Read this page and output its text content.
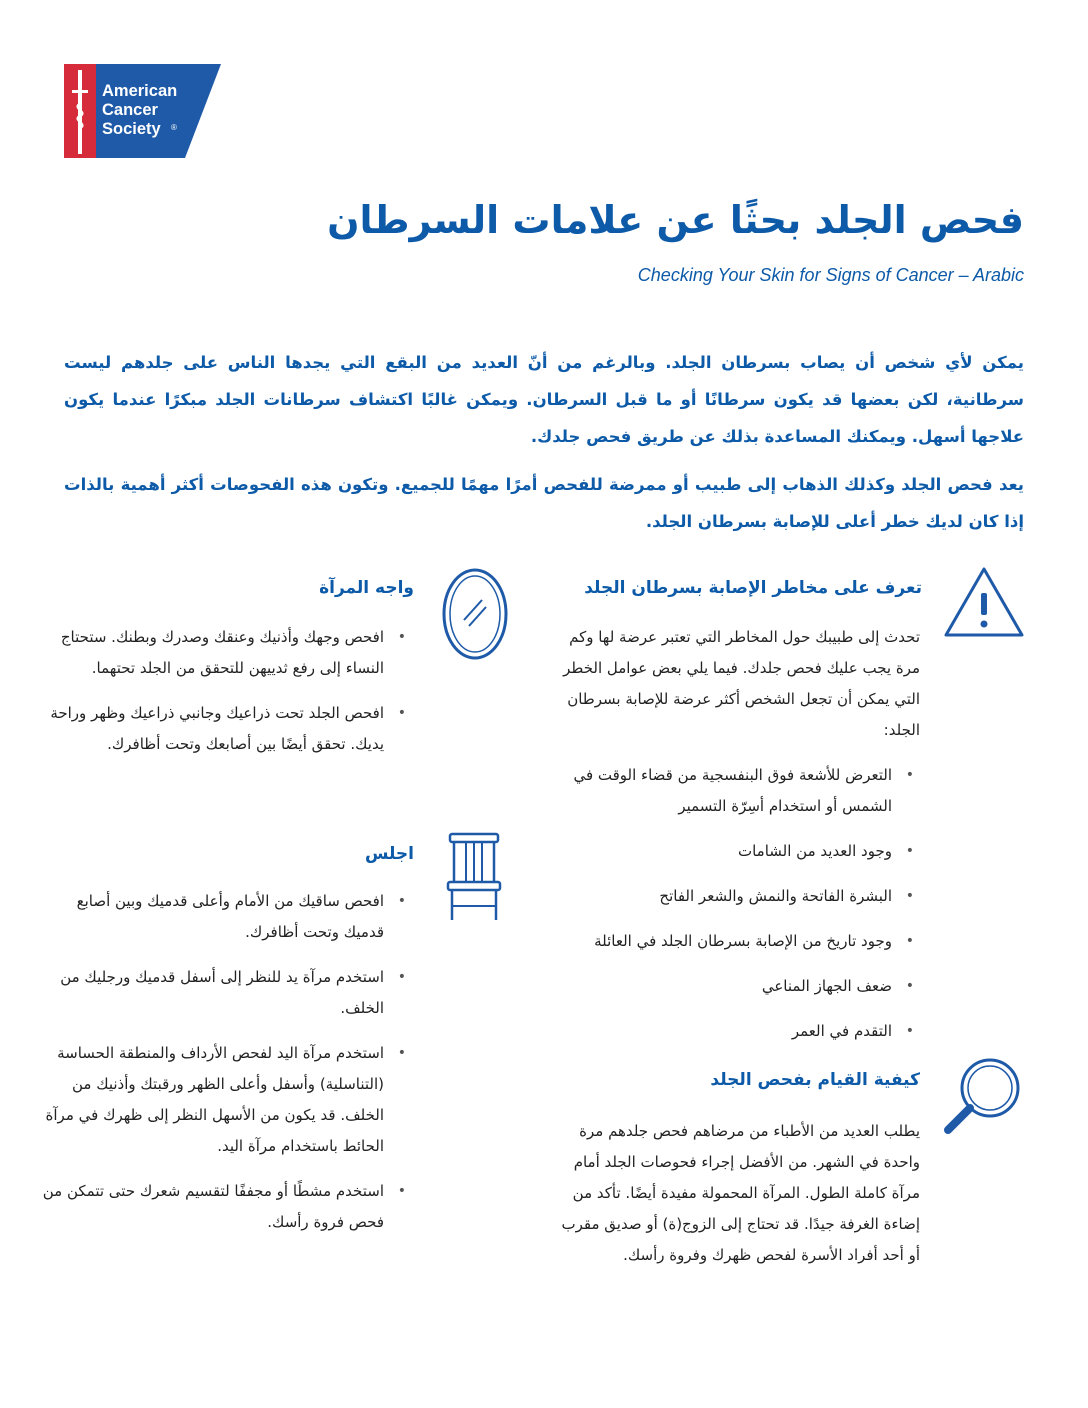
American
Cancer
Society ®
فحص الجلد بحثًا عن علامات السرطان

Checking Your Skin for Signs of Cancer – Arabic

يمكن لأي شخص أن يصاب بسرطان الجلد. وبالرغم من أنّ العديد من البقع التي يجدها الناس على جلدهم ليست سرطانية، لكن بعضها قد يكون سرطانًا أو ما قبل السرطان. ويمكن غالبًا اكتشاف سرطانات الجلد مبكرًا عندما يكون علاجها أسهل. ويمكنك المساعدة بذلك عن طريق فحص جلدك.

يعد فحص الجلد وكذلك الذهاب إلى طبيب أو ممرضة للفحص أمرًا مهمًا للجميع. وتكون هذه الفحوصات أكثر أهمية بالذات إذا كان لديك خطر أعلى للإصابة بسرطان الجلد.

تعرف على مخاطر الإصابة بسرطان الجلد

تحدث إلى طبيبك حول المخاطر التي تعتبر عرضة لها وكم مرة يجب عليك فحص جلدك. فيما يلي بعض عوامل الخطر التي يمكن أن تجعل الشخص أكثر عرضة للإصابة بسرطان الجلد:

• التعرض للأشعة فوق البنفسجية من قضاء الوقت في الشمس أو استخدام أسِرّة التسمير
• وجود العديد من الشامات
• البشرة الفاتحة والنمش والشعر الفاتح
• وجود تاريخ من الإصابة بسرطان الجلد في العائلة
• ضعف الجهاز المناعي
• التقدم في العمر
كيفية القيام بفحص الجلد

يطلب العديد من الأطباء من مرضاهم فحص جلدهم مرة واحدة في الشهر. من الأفضل إجراء فحوصات الجلد أمام مرآة كاملة الطول. المرآة المحمولة مفيدة أيضًا. تأكد من إضاءة الغرفة جيدًا. قد تحتاج إلى الزوج(ة) أو صديق مقرب أو أحد أفراد الأسرة لفحص ظهرك وفروة رأسك.

واجه المرآة
• افحص وجهك وأذنيك وعنقك وصدرك وبطنك. ستحتاج النساء إلى رفع ثدييهن للتحقق من الجلد تحتهما.
• افحص الجلد تحت ذراعيك وجانبي ذراعيك وظهر وراحة يديك. تحقق أيضًا بين أصابعك وتحت أظافرك.
اجلس
• افحص ساقيك من الأمام وأعلى قدميك وبين أصابع قدميك وتحت أظافرك.
• استخدم مرآة يد للنظر إلى أسفل قدميك ورجليك من الخلف.
• استخدم مرآة اليد لفحص الأرداف والمنطقة الحساسة (التناسلية) وأسفل وأعلى الظهر ورقبتك وأذنيك من الخلف. قد يكون من الأسهل النظر إلى ظهرك في مرآة الحائط باستخدام مرآة اليد.
• استخدم مشطًا أو مجففًا لتقسيم شعرك حتى تتمكن من فحص فروة رأسك.
